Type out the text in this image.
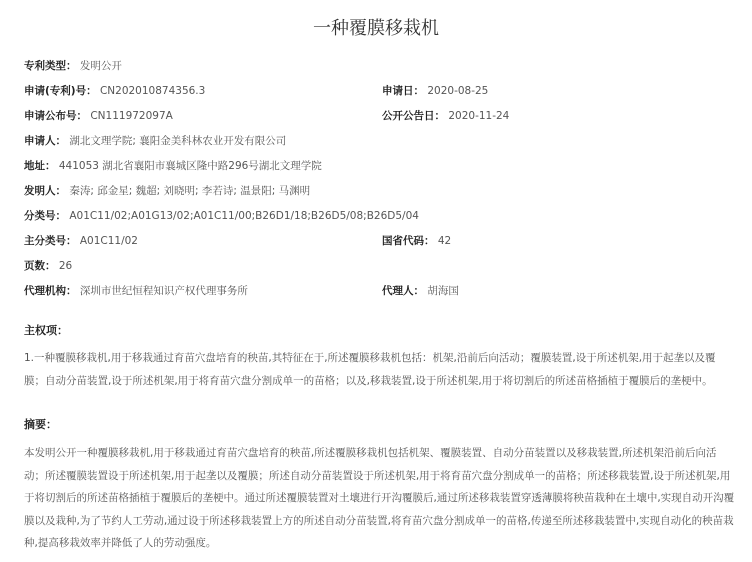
一种覆膜移栽机
专利类型： 发明公开
申请(专利)号： CN202010874356.3	申请日： 2020-08-25
申请公布号： CN111972097A	公开公告日： 2020-11-24
申请人： 湖北文理学院; 襄阳金美科林农业开发有限公司
地址： 441053 湖北省襄阳市襄城区隆中路296号湖北文理学院
发明人： 秦涛; 邱金星; 魏超; 刘晓明; 李若诗; 温景阳; 马渊明
分类号： A01C11/02;A01G13/02;A01C11/00;B26D1/18;B26D5/08;B26D5/04
主分类号： A01C11/02	国省代码： 42
页数： 26
代理机构： 深圳市世纪恒程知识产权代理事务所	代理人： 胡海国
主权项：

1.一种覆膜移栽机,用于移栽通过育苗穴盘培育的秧苗,其特征在于,所述覆膜移栽机包括：机架,沿前后向活动；覆膜装置,设于所述机架,用于起垄以及覆膜；自动分苗装置,设于所述机架,用于将育苗穴盘分割成单一的苗格；以及,移栽装置,设于所述机架,用于将切割后的所述苗格插植于覆膜后的垄梗中。

摘要：

本发明公开一种覆膜移栽机,用于移栽通过育苗穴盘培育的秧苗,所述覆膜移栽机包括机架、覆膜装置、自动分苗装置以及移栽装置,所述机架沿前后向活动；所述覆膜装置设于所述机架,用于起垄以及覆膜；所述自动分苗装置设于所述机架,用于将育苗穴盘分割成单一的苗格；所述移栽装置,设于所述机架,用于将切割后的所述苗格插植于覆膜后的垄梗中。通过所述覆膜装置对土壤进行开沟覆膜后,通过所述移栽装置穿透薄膜将秧苗栽种在土壤中,实现自动开沟覆膜以及栽种,为了节约人工劳动,通过设于所述移栽装置上方的所述自动分苗装置,将育苗穴盘分割成单一的苗格,传递至所述移栽装置中,实现自动化的秧苗栽种,提高移栽效率并降低了人的劳动强度。
